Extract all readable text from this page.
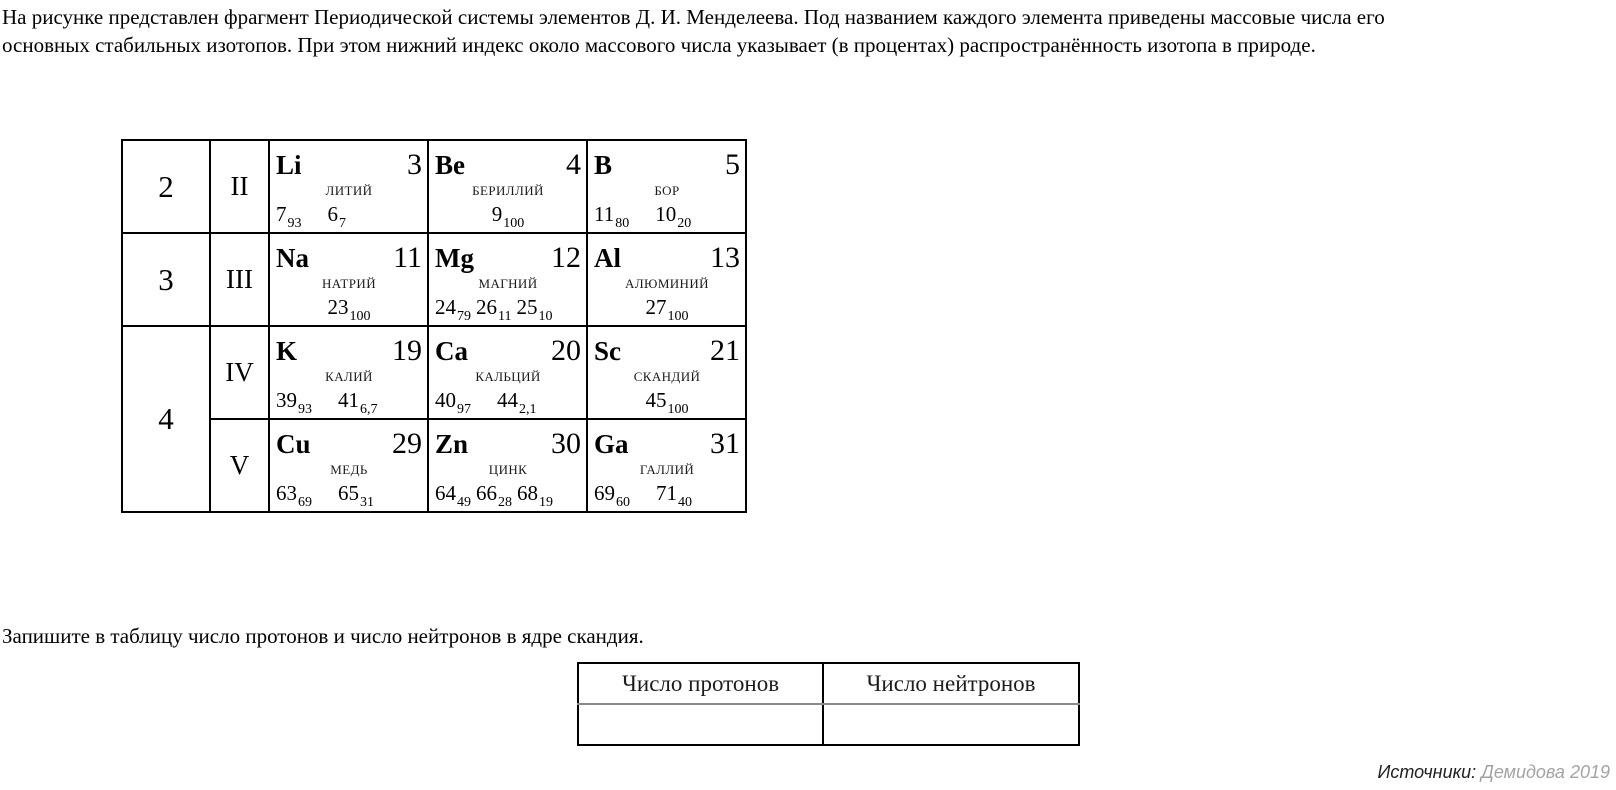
На рисунке представлен фрагмент Периодической системы элементов Д. И. Менделеева. Под названием каждого элемента приведены массовые числа его
основных стабильных изотопов. При этом нижний индекс около массового числа указывает (в процентах) распространённость изотопа в природе.
2	II	
Li	3
ЛИТИЙ
$7_{93}$ $6_7$

Be	4
БЕРИЛЛИЙ
$9_{100}$

B	5
БОР
$11_{80}$ $10_{20}$

3	III	
Na	11
НАТРИЙ
$23_{100}$

Mg	12
МАГНИЙ
$24_{79}$ $26_{11}$ $25_{10}$

Al	13
АЛЮМИНИЙ
$27_{100}$

4	IV	
K	19
КАЛИЙ
$39_{93}$ $41_{6,7}$

Ca	20
КАЛЬЦИЙ
$40_{97}$ $44_{2,1}$

Sc	21
СКАНДИЙ
$45_{100}$

V	
Cu	29
МЕДЬ
$63_{69}$ $65_{31}$

Zn	30
ЦИНК
$64_{49}$ $66_{28}$ $68_{19}$

Ga	31
ГАЛЛИЙ
$69_{60}$ $71_{40}$
Запишите в таблицу число протонов и число нейтронов в ядре скандия.
Число протонов	Число нейтронов

Источники: Демидова 2019
